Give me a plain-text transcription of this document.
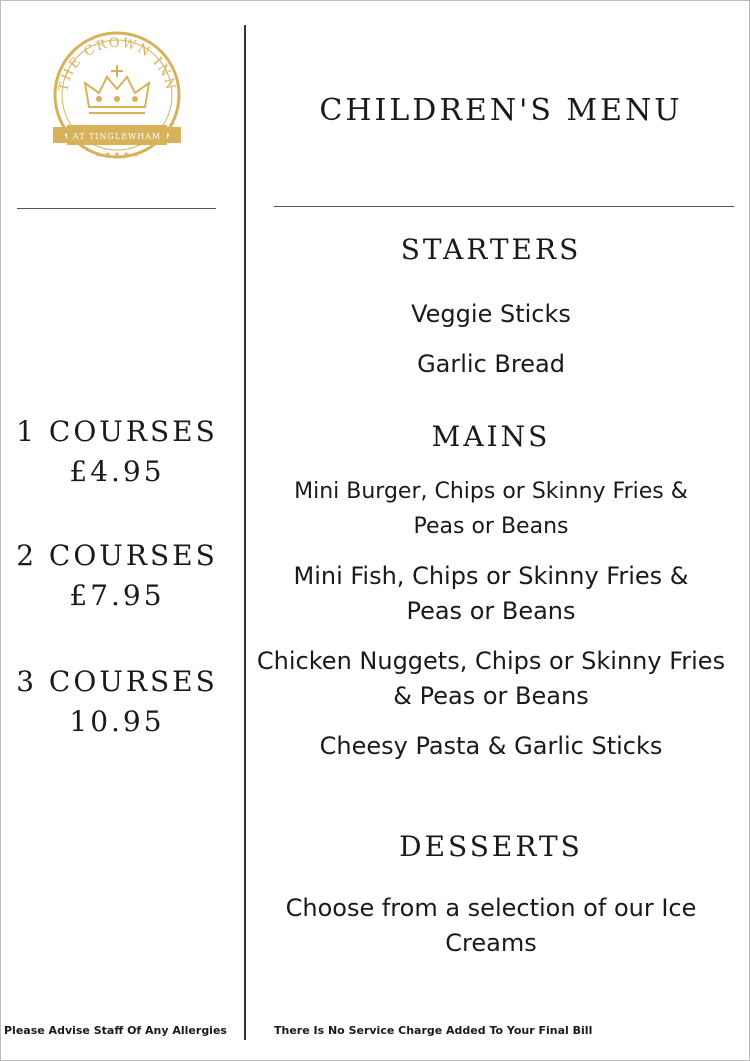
THE CROWN INN
AT TINGLEWHAM
★ ★ ★ ★ ★
CHILDREN'S MENU
1 COURSES
£4.95
2 COURSES
£7.95
3 COURSES
10.95
STARTERS
Veggie Sticks
Garlic Bread
MAINS
Mini Burger, Chips or Skinny Fries &
Peas or Beans
Mini Fish, Chips or Skinny Fries &
Peas or Beans
Chicken Nuggets, Chips or Skinny Fries
& Peas or Beans
Cheesy Pasta & Garlic Sticks
DESSERTS
Choose from a selection of our Ice
Creams
Please Advise Staff Of Any Allergies	There Is No Service Charge Added To Your Final Bill
